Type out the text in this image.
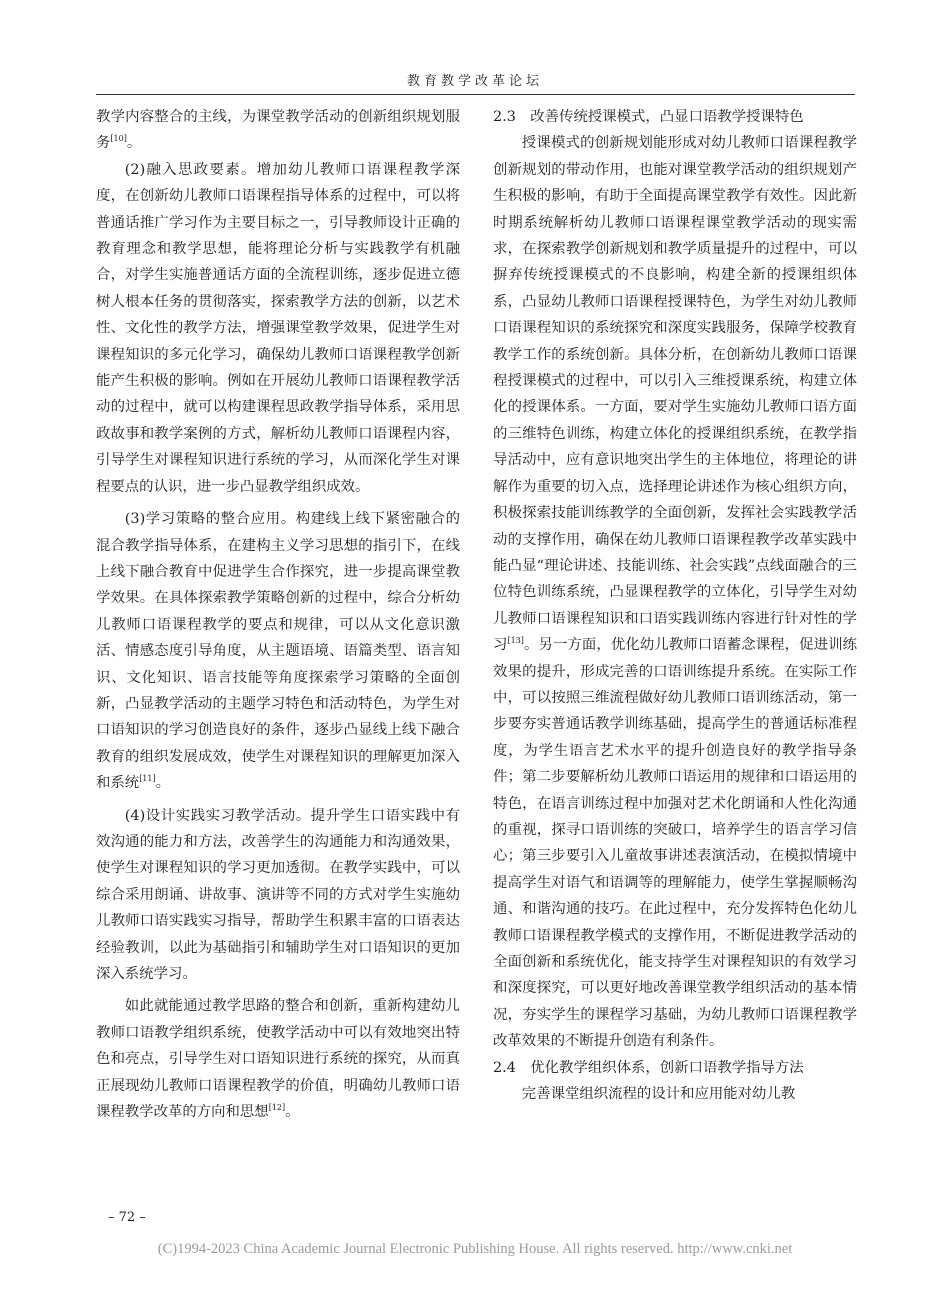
教育教学改革论坛

教学内容整合的主线，为课堂教学活动的创新组织规划服务[10]。

(2)融入思政要素。增加幼儿教师口语课程教学深度，在创新幼儿教师口语课程指导体系的过程中，可以将普通话推广学习作为主要目标之一，引导教师设计正确的教育理念和教学思想，能将理论分析与实践教学有机融合，对学生实施普通话方面的全流程训练，逐步促进立德树人根本任务的贯彻落实，探索教学方法的创新，以艺术性、文化性的教学方法，增强课堂教学效果，促进学生对课程知识的多元化学习，确保幼儿教师口语课程教学创新能产生积极的影响。例如在开展幼儿教师口语课程教学活动的过程中，就可以构建课程思政教学指导体系，采用思政故事和教学案例的方式，解析幼儿教师口语课程内容，引导学生对课程知识进行系统的学习，从而深化学生对课程要点的认识，进一步凸显教学组织成效。

(3)学习策略的整合应用。构建线上线下紧密融合的混合教学指导体系，在建构主义学习思想的指引下，在线上线下融合教育中促进学生合作探究，进一步提高课堂教学效果。在具体探索教学策略创新的过程中，综合分析幼儿教师口语课程教学的要点和规律，可以从文化意识激活、情感态度引导角度，从主题语境、语篇类型、语言知识、文化知识、语言技能等角度探索学习策略的全面创新，凸显教学活动的主题学习特色和活动特色，为学生对口语知识的学习创造良好的条件，逐步凸显线上线下融合教育的组织发展成效，使学生对课程知识的理解更加深入和系统[11]。

(4)设计实践实习教学活动。提升学生口语实践中有效沟通的能力和方法，改善学生的沟通能力和沟通效果，使学生对课程知识的学习更加透彻。在教学实践中，可以综合采用朗诵、讲故事、演讲等不同的方式对学生实施幼儿教师口语实践实习指导，帮助学生积累丰富的口语表达经验教训，以此为基础指引和辅助学生对口语知识的更加深入系统学习。

如此就能通过教学思路的整合和创新，重新构建幼儿教师口语教学组织系统，使教学活动中可以有效地突出特色和亮点，引导学生对口语知识进行系统的探究，从而真正展现幼儿教师口语课程教学的价值，明确幼儿教师口语课程教学改革的方向和思想[12]。

2.3　改善传统授课模式，凸显口语教学授课特色

授课模式的创新规划能形成对幼儿教师口语课程教学创新规划的带动作用，也能对课堂教学活动的组织规划产生积极的影响，有助于全面提高课堂教学有效性。因此新时期系统解析幼儿教师口语课程课堂教学活动的现实需求，在探索教学创新规划和教学质量提升的过程中，可以摒弃传统授课模式的不良影响，构建全新的授课组织体系，凸显幼儿教师口语课程授课特色，为学生对幼儿教师口语课程知识的系统探究和深度实践服务，保障学校教育教学工作的系统创新。具体分析，在创新幼儿教师口语课程授课模式的过程中，可以引入三维授课系统，构建立体化的授课体系。一方面，要对学生实施幼儿教师口语方面的三维特色训练，构建立体化的授课组织系统，在教学指导活动中，应有意识地突出学生的主体地位，将理论的讲解作为重要的切入点，选择理论讲述作为核心组织方向，积极探索技能训练教学的全面创新，发挥社会实践教学活动的支撑作用，确保在幼儿教师口语课程教学改革实践中能凸显“理论讲述、技能训练、社会实践”点线面融合的三位特色训练系统，凸显课程教学的立体化，引导学生对幼儿教师口语课程知识和口语实践训练内容进行针对性的学习[13]。另一方面，优化幼儿教师口语蓄念课程，促进训练效果的提升，形成完善的口语训练提升系统。在实际工作中，可以按照三维流程做好幼儿教师口语训练活动，第一步要夯实普通话教学训练基础，提高学生的普通话标准程度，为学生语言艺术水平的提升创造良好的教学指导条件；第二步要解析幼儿教师口语运用的规律和口语运用的特色，在语言训练过程中加强对艺术化朗诵和人性化沟通的重视，探寻口语训练的突破口，培养学生的语言学习信心；第三步要引入儿童故事讲述表演活动，在模拟情境中提高学生对语气和语调等的理解能力，使学生掌握顺畅沟通、和谐沟通的技巧。在此过程中，充分发挥特色化幼儿教师口语课程教学模式的支撑作用，不断促进教学活动的全面创新和系统优化，能支持学生对课程知识的有效学习和深度探究，可以更好地改善课堂教学组织活动的基本情况，夯实学生的课程学习基础，为幼儿教师口语课程教学改革效果的不断提升创造有利条件。

2.4　优化教学组织体系，创新口语教学指导方法

完善课堂组织流程的设计和应用能对幼儿教

– 72 –
(C)1994-2023 China Academic Journal Electronic Publishing House. All rights reserved. http://www.cnki.net
